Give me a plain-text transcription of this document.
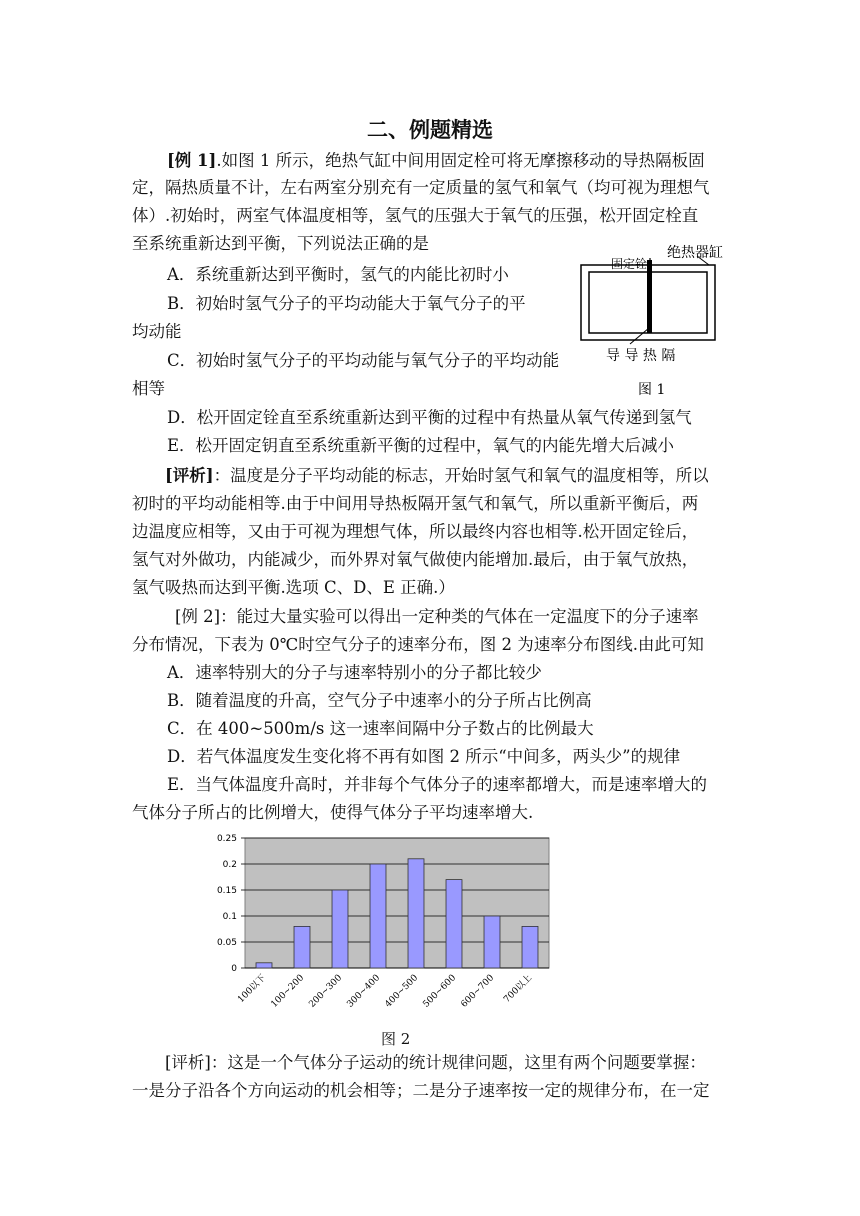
二、例题精选
[例 1].如图 1 所示，绝热气缸中间用固定栓可将无摩擦移动的导热隔板固
定，隔热质量不计，左右两室分别充有一定质量的氢气和氧气（均可视为理想气
体）.初始时，两室气体温度相等，氢气的压强大于氧气的压强，松开固定栓直
至系统重新达到平衡，下列说法正确的是
A．系统重新达到平衡时，氢气的内能比初时小
B．初始时氢气分子的平均动能大于氧气分子的平
均动能
C．初始时氢气分子的平均动能与氧气分子的平均动能
相等
D．松开固定铨直至系统重新达到平衡的过程中有热量从氧气传递到氢气
E．松开固定钥直至系统重新平衡的过程中，氧气的内能先增大后减小
绝热器缸
固定铨
导 导 热 隔
图 1
[评析]：温度是分子平均动能的标志，开始时氢气和氧气的温度相等，所以
初时的平均动能相等.由于中间用导热板隔开氢气和氧气，所以重新平衡后，两
边温度应相等，又由于可视为理想气体，所以最终内容也相等.松开固定铨后，
氢气对外做功，内能减少，而外界对氧气做使内能增加.最后，由于氧气放热，
氢气吸热而达到平衡.选项 C、D、E 正确.）
[例 2]：能过大量实验可以得出一定种类的气体在一定温度下的分子速率
分布情况，下表为 0℃时空气分子的速率分布，图 2 为速率分布图线.由此可知
A．速率特别大的分子与速率特别小的分子都比较少
B．随着温度的升高，空气分子中速率小的分子所占比例高
C．在 400~500m/s 这一速率间隔中分子数占的比例最大
D．若气体温度发生变化将不再有如图 2 所示“中间多，两头少”的规律
E．当气体温度升高时，并非每个气体分子的速率都增大，而是速率增大的
气体分子所占的比例增大，使得气体分子平均速率增大.
0
0.05
0.1
0.15
0.2
0.25
100以下 100~200 200~300 300~400 400~500 500~600 600~700 700以上
图 2
[评析]：这是一个气体分子运动的统计规律问题，这里有两个问题要掌握：
一是分子沿各个方向运动的机会相等；二是分子速率按一定的规律分布，在一定
